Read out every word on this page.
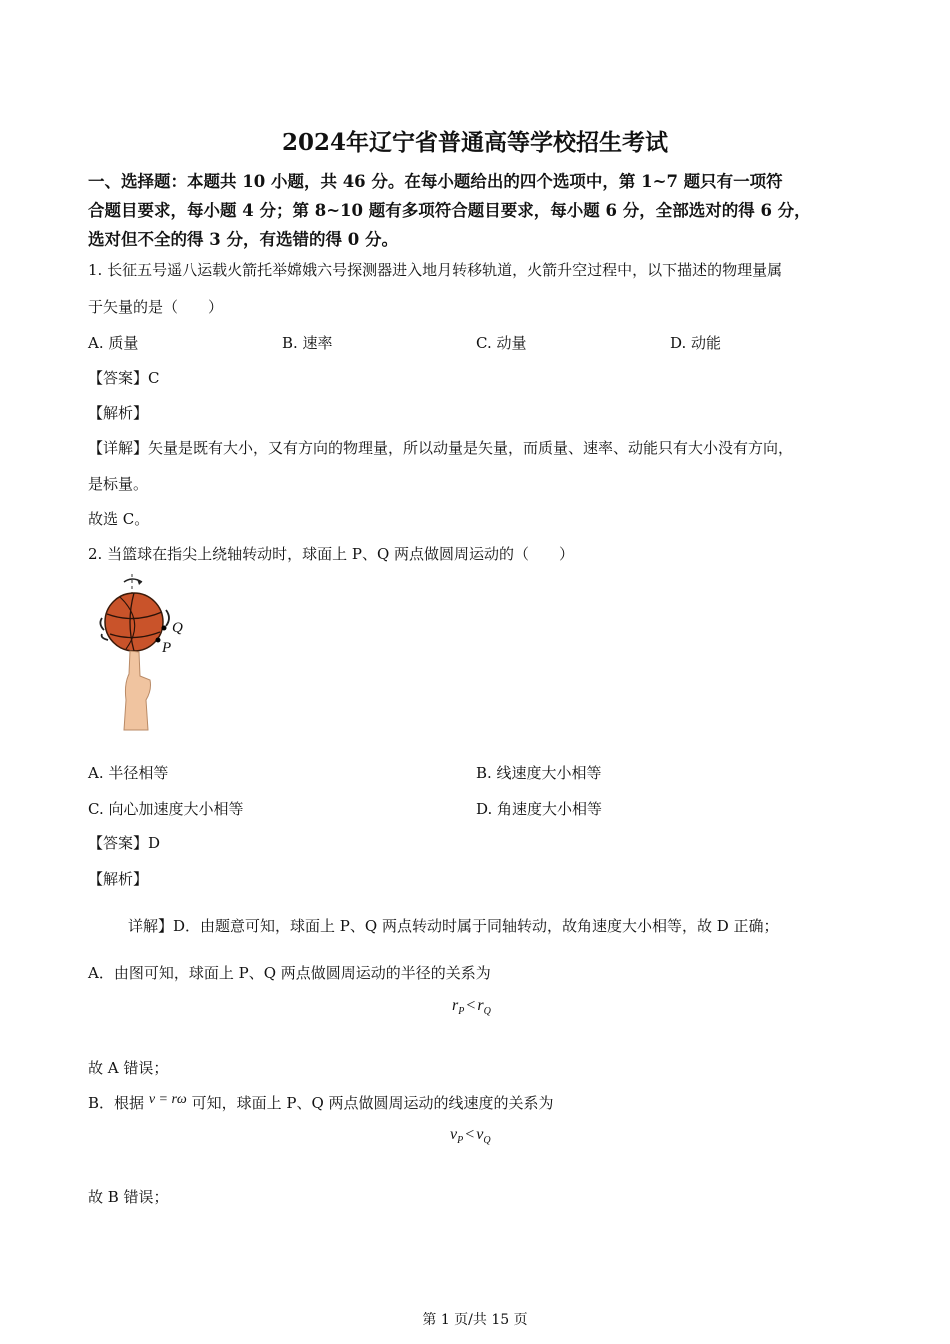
2024年辽宁省普通高等学校招生考试
一、选择题：本题共 10 小题，共 46 分。在每小题给出的四个选项中，第 1~7 题只有一项符
合题目要求，每小题 4 分；第 8~10 题有多项符合题目要求，每小题 6 分，全部选对的得 6 分，
选对但不全的得 3 分，有选错的得 0 分。
1. 长征五号遥八运载火箭托举嫦娥六号探测器进入地月转移轨道，火箭升空过程中，以下描述的物理量属
于矢量的是（　　）
A. 质量	B. 速率	C. 动量	D. 动能
【答案】C
【解析】
【详解】矢量是既有大小，又有方向的物理量，所以动量是矢量，而质量、速率、动能只有大小没有方向，
是标量。
故选 C。
2. 当篮球在指尖上绕轴转动时，球面上 P、Q 两点做圆周运动的（　　）
Q
P
A. 半径相等	B. 线速度大小相等
C. 向心加速度大小相等	D. 角速度大小相等
【答案】D
【解析】
详解】D．由题意可知，球面上 P、Q 两点转动时属于同轴转动，故角速度大小相等，故 D 正确；
A．由图可知，球面上 P、Q 两点做圆周运动的半径的关系为
$r_P < r_Q$
故 A 错误；
B．根据 v = rω 可知，球面上 P、Q 两点做圆周运动的线速度的关系为
$v_P < v_Q$
故 B 错误；
第 1 页/共 15 页
